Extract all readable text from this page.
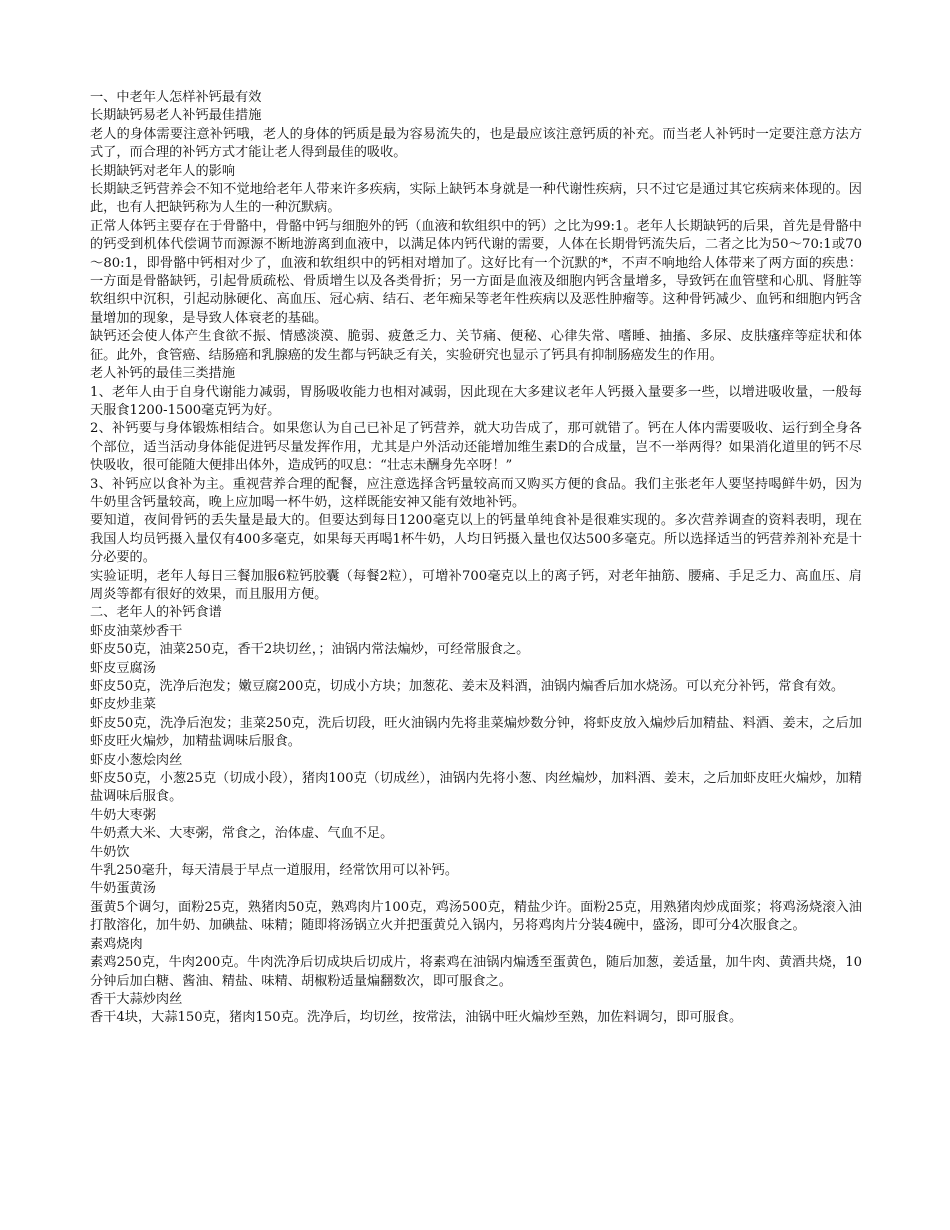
一、中老年人怎样补钙最有效

长期缺钙易老人补钙最佳措施

老人的身体需要注意补钙哦，老人的身体的钙质是最为容易流失的，也是最应该注意钙质的补充。而当老人补钙时一定要注意方法方式了，而合理的补钙方式才能让老人得到最佳的吸收。

长期缺钙对老年人的影响

长期缺乏钙营养会不知不觉地给老年人带来许多疾病，实际上缺钙本身就是一种代谢性疾病，只不过它是通过其它疾病来体现的。因此，也有人把缺钙称为人生的一种沉默病。

正常人体钙主要存在于骨骼中，骨骼中钙与细胞外的钙（血液和软组织中的钙）之比为99:1。老年人长期缺钙的后果，首先是骨骼中的钙受到机体代偿调节而源源不断地游离到血液中，以满足体内钙代谢的需要，人体在长期骨钙流失后，二者之比为50～70:1或70～80:1，即骨骼中钙相对少了，血液和软组织中的钙相对增加了。这好比有一个沉默的*，不声不响地给人体带来了两方面的疾患：一方面是骨骼缺钙，引起骨质疏松、骨质增生以及各类骨折；另一方面是血液及细胞内钙含量增多，导致钙在血管壁和心肌、肾脏等软组织中沉积，引起动脉硬化、高血压、冠心病、结石、老年痴呆等老年性疾病以及恶性肿瘤等。这种骨钙减少、血钙和细胞内钙含量增加的现象，是导致人体衰老的基础。

缺钙还会使人体产生食欲不振、情感淡漠、脆弱、疲惫乏力、关节痛、便秘、心律失常、嗜睡、抽搐、多尿、皮肤瘙痒等症状和体征。此外，食管癌、结肠癌和乳腺癌的发生都与钙缺乏有关，实验研究也显示了钙具有抑制肠癌发生的作用。

老人补钙的最佳三类措施

1、老年人由于自身代谢能力减弱，胃肠吸收能力也相对减弱，因此现在大多建议老年人钙摄入量要多一些，以增进吸收量，一般每天服食1200-1500毫克钙为好。

2、补钙要与身体锻炼相结合。如果您认为自己已补足了钙营养，就大功告成了，那可就错了。钙在人体内需要吸收、运行到全身各个部位，适当活动身体能促进钙尽量发挥作用，尤其是户外活动还能增加维生素D的合成量，岂不一举两得？如果消化道里的钙不尽快吸收，很可能随大便排出体外，造成钙的叹息：“壮志未酬身先卒呀！”

3、补钙应以食补为主。重视营养合理的配餐，应注意选择含钙量较高而又购买方便的食品。我们主张老年人要坚持喝鲜牛奶，因为牛奶里含钙量较高，晚上应加喝一杯牛奶，这样既能安神又能有效地补钙。

要知道，夜间骨钙的丢失量是最大的。但要达到每日1200毫克以上的钙量单纯食补是很难实现的。多次营养调查的资料表明，现在我国人均员钙摄入量仅有400多毫克，如果每天再喝1杯牛奶，人均日钙摄入量也仅达500多毫克。所以选择适当的钙营养剂补充是十分必要的。

实验证明，老年人每日三餐加服6粒钙胶囊（每餐2粒），可增补700毫克以上的离子钙，对老年抽筋、腰痛、手足乏力、高血压、肩周炎等都有很好的效果，而且服用方便。

二、老年人的补钙食谱

虾皮油菜炒香干

虾皮50克，油菜250克，香干2块切丝，；油锅内常法煸炒，可经常服食之。

虾皮豆腐汤

虾皮50克，洗净后泡发；嫩豆腐200克，切成小方块；加葱花、姜末及料酒，油锅内煸香后加水烧汤。可以充分补钙，常食有效。

虾皮炒韭菜

虾皮50克，洗净后泡发；韭菜250克，洗后切段，旺火油锅内先将韭菜煸炒数分钟，将虾皮放入煸炒后加精盐、料酒、姜末，之后加虾皮旺火煸炒，加精盐调味后服食。

虾皮小葱烩肉丝

虾皮50克，小葱25克（切成小段），猪肉100克（切成丝），油锅内先将小葱、肉丝煸炒，加料酒、姜末，之后加虾皮旺火煸炒，加精盐调味后服食。

牛奶大枣粥

牛奶煮大米、大枣粥，常食之，治体虚、气血不足。

牛奶饮

牛乳250毫升，每天清晨于早点一道服用，经常饮用可以补钙。

牛奶蛋黄汤

蛋黄5个调匀，面粉25克，熟猪肉50克，熟鸡肉片100克，鸡汤500克，精盐少许。面粉25克，用熟猪肉炒成面浆；将鸡汤烧滚入油打散溶化，加牛奶、加碘盐、味精；随即将汤锅立火并把蛋黄兑入锅内，另将鸡肉片分装4碗中，盛汤，即可分4次服食之。

素鸡烧肉

素鸡250克，牛肉200克。牛肉洗净后切成块后切成片，将素鸡在油锅内煸透至蛋黄色，随后加葱，姜适量，加牛肉、黄酒共烧，10分钟后加白糖、酱油、精盐、味精、胡椒粉适量煸翻数次，即可服食之。

香干大蒜炒肉丝

香干4块，大蒜150克，猪肉150克。洗净后，均切丝，按常法，油锅中旺火煸炒至熟，加佐料调匀，即可服食。
